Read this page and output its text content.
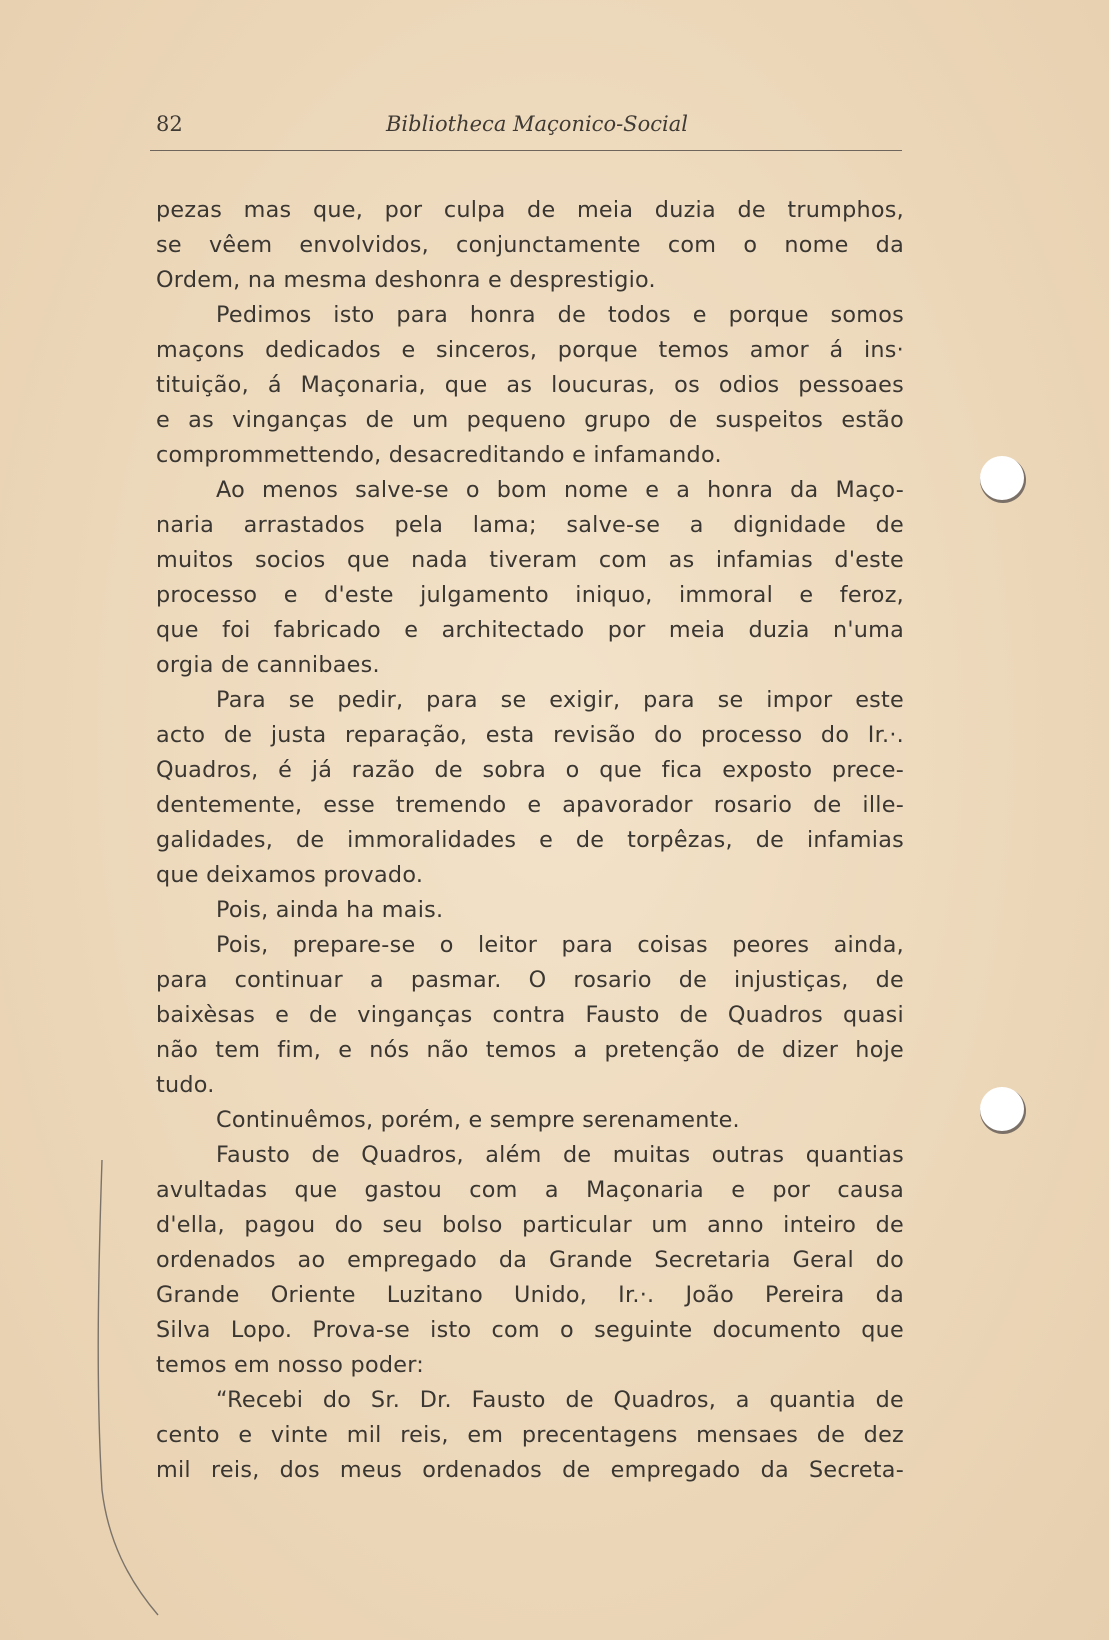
82	Bibliotheca Maçonico-Social
pezas mas que, por culpa de meia duzia de trumphos,
se vêem envolvidos, conjunctamente com o nome da
Ordem, na mesma deshonra e desprestigio.
Pedimos isto para honra de todos e porque somos
maçons dedicados e sinceros, porque temos amor á ins·
tituição, á Maçonaria, que as loucuras, os odios pessoaes
e as vinganças de um pequeno grupo de suspeitos estão
comprommettendo, desacreditando e infamando.
Ao menos salve-se o bom nome e a honra da Maço-
naria arrastados pela lama; salve-se a dignidade de
muitos socios que nada tiveram com as infamias d'este
processo e d'este julgamento iniquo, immoral e feroz,
que foi fabricado e architectado por meia duzia n'uma
orgia de cannibaes.
Para se pedir, para se exigir, para se impor este
acto de justa reparação, esta revisão do processo do Ir.·.
Quadros, é já razão de sobra o que fica exposto prece-
dentemente, esse tremendo e apavorador rosario de ille-
galidades, de immoralidades e de torpêzas, de infamias
que deixamos provado.
Pois, ainda ha mais.
Pois, prepare-se o leitor para coisas peores ainda,
para continuar a pasmar. O rosario de injustiças, de
baixèsas e de vinganças contra Fausto de Quadros quasi
não tem fim, e nós não temos a pretenção de dizer hoje
tudo.
Continuêmos, porém, e sempre serenamente.
Fausto de Quadros, além de muitas outras quantias
avultadas que gastou com a Maçonaria e por causa
d'ella, pagou do seu bolso particular um anno inteiro de
ordenados ao empregado da Grande Secretaria Geral do
Grande Oriente Luzitano Unido, Ir.·. João Pereira da
Silva Lopo. Prova-se isto com o seguinte documento que
temos em nosso poder:
“Recebi do Sr. Dr. Fausto de Quadros, a quantia de
cento e vinte mil reis, em precentagens mensaes de dez
mil reis, dos meus ordenados de empregado da Secreta-
